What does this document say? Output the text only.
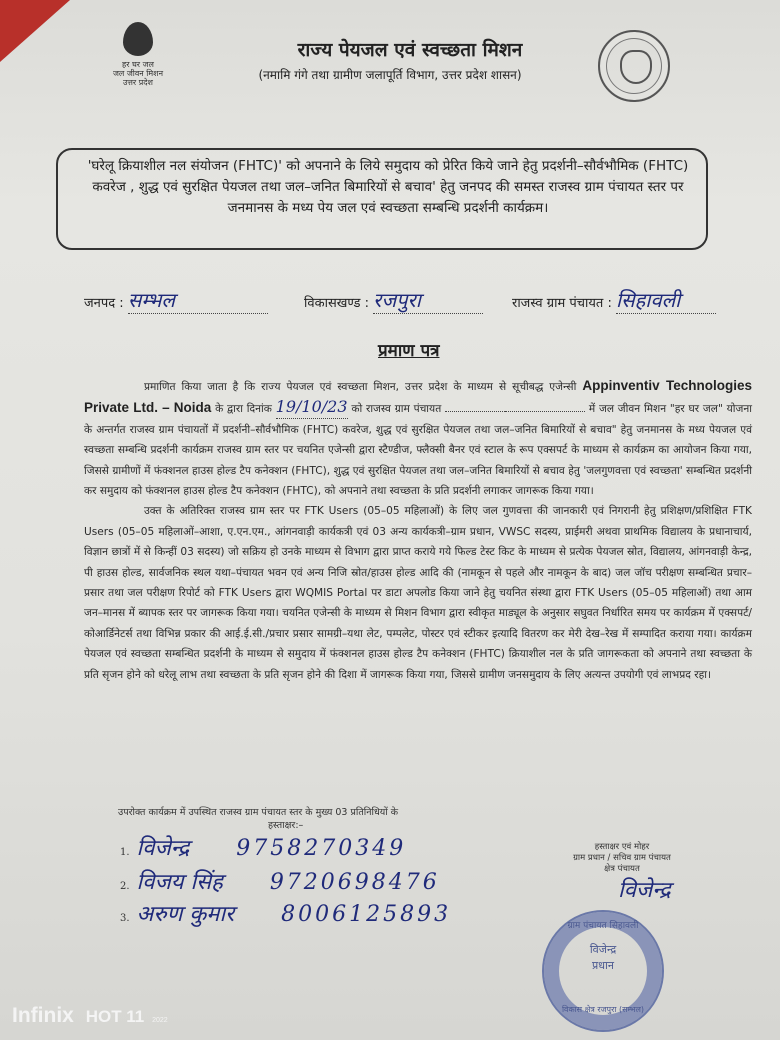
हर घर जल
जल जीवन मिशन
उत्तर प्रदेश
राज्य पेयजल एवं स्वच्छता मिशन
(नमामि गंगे तथा ग्रामीण जलापूर्ति विभाग, उत्तर प्रदेश शासन)
'घरेलू क्रियाशील नल संयोजन (FHTC)' को अपनाने के लिये समुदाय को प्रेरित किये जाने हेतु प्रदर्शनी–सौर्वभौमिक (FHTC) कवरेज , शुद्ध एवं सुरक्षित पेयजल तथा जल–जनित बिमारियों से बचाव' हेतु जनपद की समस्त राजस्व ग्राम पंचायत स्तर पर जनमानस के मध्य पेय जल एवं स्वच्छता सम्बन्धि प्रदर्शनी कार्यक्रम।
जनपद : सम्भल	विकासखण्ड : रजपुरा	राजस्व ग्राम पंचायत : सिहावली
प्रमाण पत्र

प्रमाणित किया जाता है कि राज्य पेयजल एवं स्वच्छता मिशन, उत्तर प्रदेश के माध्यम से सूचीबद्ध एजेन्सी Appinventiv Technologies Private Ltd. – Noida के द्वारा दिनांक 19/10/23 को राजस्व ग्राम पंचायत	में जल जीवन मिशन "हर घर जल" योजना के अन्तर्गत राजस्व ग्राम पंचायतों में प्रदर्शनी–सौर्वभौमिक (FHTC) कवरेज, शुद्ध एवं सुरक्षित पेयजल तथा जल–जनित बिमारियों से बचाव" हेतु जनमानस के मध्य पेयजल एवं स्वच्छता सम्बन्धि प्रदर्शनी कार्यक्रम राजस्व ग्राम स्तर पर चयनित एजेन्सी द्वारा स्टैण्डीज, फ्लैक्सी बैनर एवं स्टाल के रूप एक्सपर्ट के माध्यम से कार्यक्रम का आयोजन किया गया, जिससे ग्रामीणों में फंक्शनल हाउस होल्ड टैप कनेक्शन (FHTC), शुद्ध एवं सुरक्षित पेयजल तथा जल–जनित बिमारियों से बचाव हेतु 'जलगुणवत्ता एवं स्वच्छता' सम्बन्धित प्रदर्शनी कर समुदाय को फंक्शनल हाउस होल्ड टैप कनेक्शन (FHTC), को अपनाने तथा स्वच्छता के प्रति प्रदर्शनी लगाकर जागरूक किया गया।

उक्त के अतिरिक्त राजस्व ग्राम स्तर पर FTK Users (05–05 महिलाओं) के लिए जल गुणवत्ता की जानकारी एवं निगरानी हेतु प्रशिक्षण/प्रशिक्षित FTK Users (05–05 महिलाओं–आशा, ए.एन.एम., आंगनवाड़ी कार्यकत्री एवं 03 अन्य कार्यकत्री–ग्राम प्रधान, VWSC सदस्य, प्राईमरी अथवा प्राथमिक विद्यालय के प्रधानाचार्य, विज्ञान छात्रों में से किन्हीं 03 सदस्य) जो सक्रिय हो उनके माध्यम से विभाग द्वारा प्राप्त कराये गये फिल्ड टेस्ट किट के माध्यम से प्रत्येक पेयजल स्रोत, विद्यालय, आंगनवाड़ी केन्द्र, पी हाउस होल्ड, सार्वजनिक स्थल यथा–पंचायत भवन एवं अन्य निजि स्रोत/हाउस होल्ड आदि की (नामकून से पहले और नामकून के बाद) जल जॉच परीक्षण सम्बन्धित प्रचार–प्रसार तथा जल परीक्षण रिपोर्ट को FTK Users द्वारा WQMIS Portal पर डाटा अपलोड किया जाने हेतु चयनित संस्था द्वारा FTK Users (05–05 महिलाओं) तथा आम जन–मानस में ब्यापक स्तर पर जागरूक किया गया। चयनित एजेन्सी के माध्यम से मिशन विभाग द्वारा स्वीकृत माड्यूल के अनुसार सघुवत निर्धारित समय पर कार्यक्रम में एक्सपर्ट/कोआर्डिनेटर्स तथा विभिन्न प्रकार की आई.ई.सी./प्रचार प्रसार सामग्री–यथा लेट, पम्पलेट, पोस्टर एवं स्टीकर इत्यादि वितरण कर मेरी देख–रेख में सम्पादित कराया गया। कार्यक्रम पेयजल एवं स्वच्छता सम्बन्धित प्रदर्शनी के माध्यम से समुदाय में फंक्शनल हाउस होल्ड टैप कनेक्शन (FHTC) क्रियाशील नल के प्रति जागरूकता को अपनाने तथा स्वच्छता के प्रति सृजन होने को धरेलू लाभ तथा स्वच्छता के प्रति सृजन होने की दिशा में जागरूक किया गया, जिससे ग्रामीण जनसमुदाय के लिए अत्यन्त उपयोगी एवं लाभप्रद रहा।

उपरोक्त कार्यक्रम में उपस्थित राजस्व ग्राम पंचायत स्तर के मुख्य 03 प्रतिनिधियों के
हस्ताक्षर:–
1. विजेन्द्र 9758270349
2. विजय सिंह 9720698476
3. अरुण कुमार 8006125893
हस्ताक्षर एवं मोहर
ग्राम प्रधान / सचिव ग्राम पंचायत
क्षेत्र पंचायत
विजेन्द्र
ग्राम पंचायत सिहावली
विजेन्द्र
प्रधान
विकास क्षेत्र रजपुरा (सम्भल)
Infinix HOT 11 2022
